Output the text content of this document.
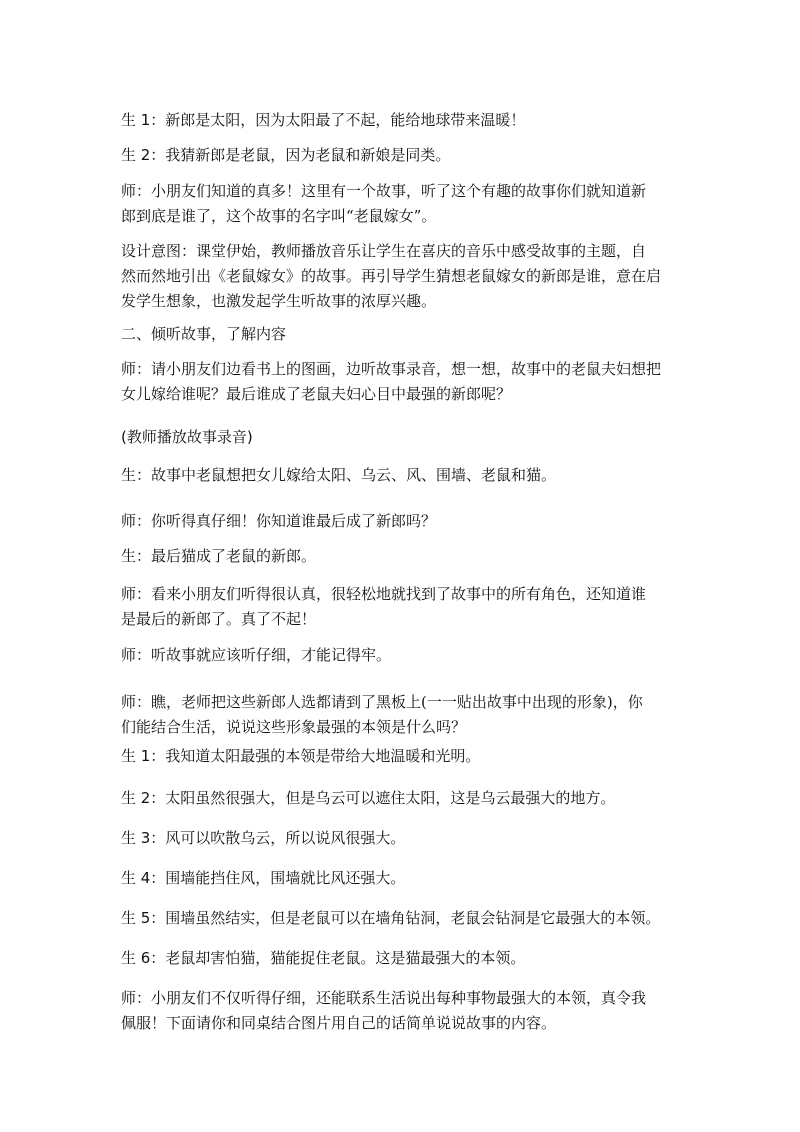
生 1：新郎是太阳，因为太阳最了不起，能给地球带来温暖！
生 2：我猜新郎是老鼠，因为老鼠和新娘是同类。
师：小朋友们知道的真多！这里有一个故事，听了这个有趣的故事你们就知道新
郎到底是谁了，这个故事的名字叫“老鼠嫁女”。
设计意图：课堂伊始，教师播放音乐让学生在喜庆的音乐中感受故事的主题，自
然而然地引出《老鼠嫁女》的故事。再引导学生猜想老鼠嫁女的新郎是谁，意在启
发学生想象，也激发起学生听故事的浓厚兴趣。
二、倾听故事，了解内容
师：请小朋友们边看书上的图画，边听故事录音，想一想，故事中的老鼠夫妇想把
女儿嫁给谁呢？最后谁成了老鼠夫妇心目中最强的新郎呢？
(教师播放故事录音)
生：故事中老鼠想把女儿嫁给太阳、乌云、风、围墙、老鼠和猫。
师：你听得真仔细！你知道谁最后成了新郎吗？
生：最后猫成了老鼠的新郎。
师：看来小朋友们听得很认真，很轻松地就找到了故事中的所有角色，还知道谁
是最后的新郎了。真了不起！
师：听故事就应该听仔细，才能记得牢。
师：瞧，老师把这些新郎人选都请到了黑板上(一一贴出故事中出现的形象)，你
们能结合生活，说说这些形象最强的本领是什么吗？
生 1：我知道太阳最强的本领是带给大地温暖和光明。
生 2：太阳虽然很强大，但是乌云可以遮住太阳，这是乌云最强大的地方。
生 3：风可以吹散乌云，所以说风很强大。
生 4：围墙能挡住风，围墙就比风还强大。
生 5：围墙虽然结实，但是老鼠可以在墙角钻洞，老鼠会钻洞是它最强大的本领。
生 6：老鼠却害怕猫，猫能捉住老鼠。这是猫最强大的本领。
师：小朋友们不仅听得仔细，还能联系生活说出每种事物最强大的本领，真令我
佩服！下面请你和同桌结合图片用自己的话简单说说故事的内容。
